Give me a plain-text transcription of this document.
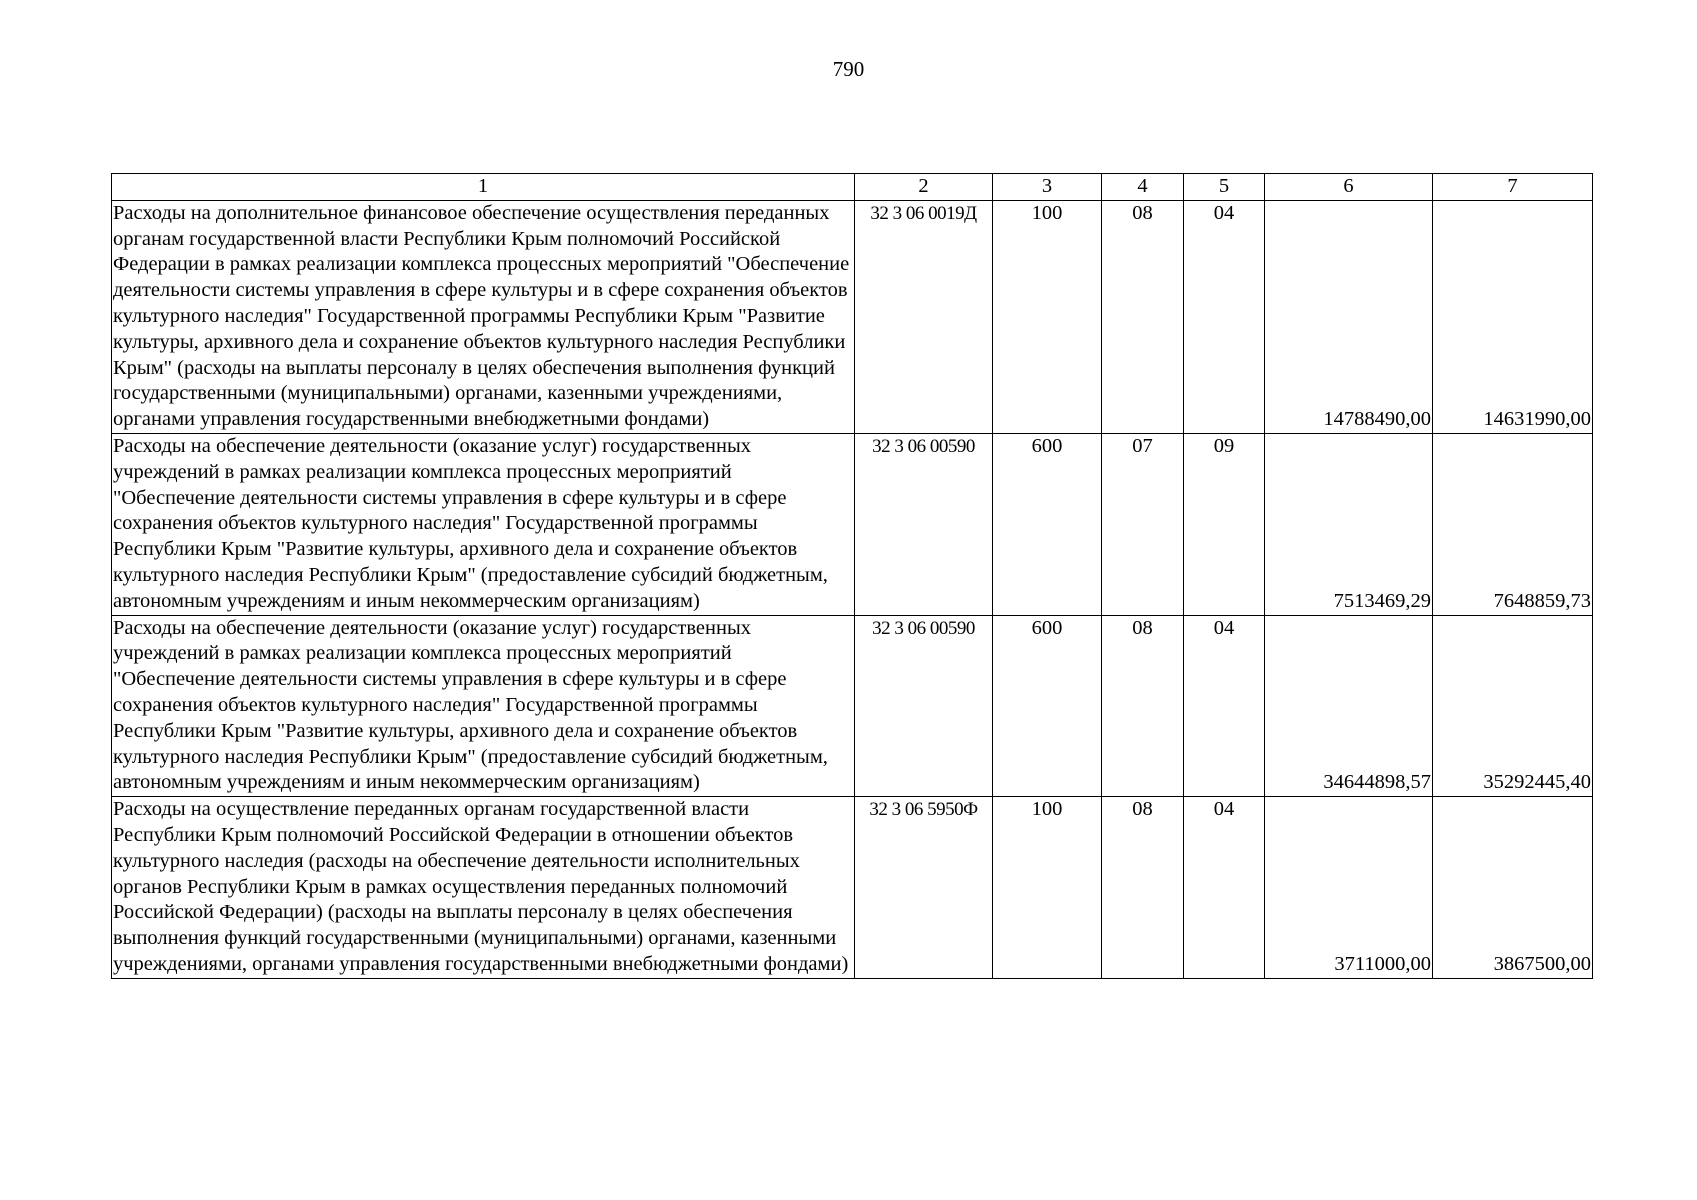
790
1	2	3	4	5	6	7
Расходы на дополнительное финансовое обеспечение осуществления переданных органам государственной власти Республики Крым полномочий Российской Федерации в рамках реализации комплекса процессных мероприятий "Обеспечение деятельности системы управления в сфере культуры и в сфере сохранения объектов культурного наследия" Государственной программы Республики Крым "Развитие культуры, архивного дела и сохранение объектов культурного наследия Республики Крым" (расходы на выплаты персоналу в целях обеспечения выполнения функций государственными (муниципальными) органами, казенными учреждениями, органами управления государственными внебюджетными фондами)	32 3 06 0019Д	100	08	04	14788490,00	14631990,00
Расходы на обеспечение деятельности (оказание услуг) государственных учреждений в рамках реализации комплекса процессных мероприятий "Обеспечение деятельности системы управления в сфере культуры и в сфере сохранения объектов культурного наследия" Государственной программы Республики Крым "Развитие культуры, архивного дела и сохранение объектов культурного наследия Республики Крым" (предоставление субсидий бюджетным, автономным учреждениям и иным некоммерческим организациям)	32 3 06 00590	600	07	09	7513469,29	7648859,73
Расходы на обеспечение деятельности (оказание услуг) государственных учреждений в рамках реализации комплекса процессных мероприятий "Обеспечение деятельности системы управления в сфере культуры и в сфере сохранения объектов культурного наследия" Государственной программы Республики Крым "Развитие культуры, архивного дела и сохранение объектов культурного наследия Республики Крым" (предоставление субсидий бюджетным, автономным учреждениям и иным некоммерческим организациям)	32 3 06 00590	600	08	04	34644898,57	35292445,40
Расходы на осуществление переданных органам государственной власти Республики Крым полномочий Российской Федерации в отношении объектов культурного наследия (расходы на обеспечение деятельности исполнительных органов Республики Крым в рамках осуществления переданных полномочий Российской Федерации) (расходы на выплаты персоналу в целях обеспечения выполнения функций государственными (муниципальными) органами, казенными учреждениями, органами управления государственными внебюджетными фондами)	32 3 06 5950Ф	100	08	04	3711000,00	3867500,00
